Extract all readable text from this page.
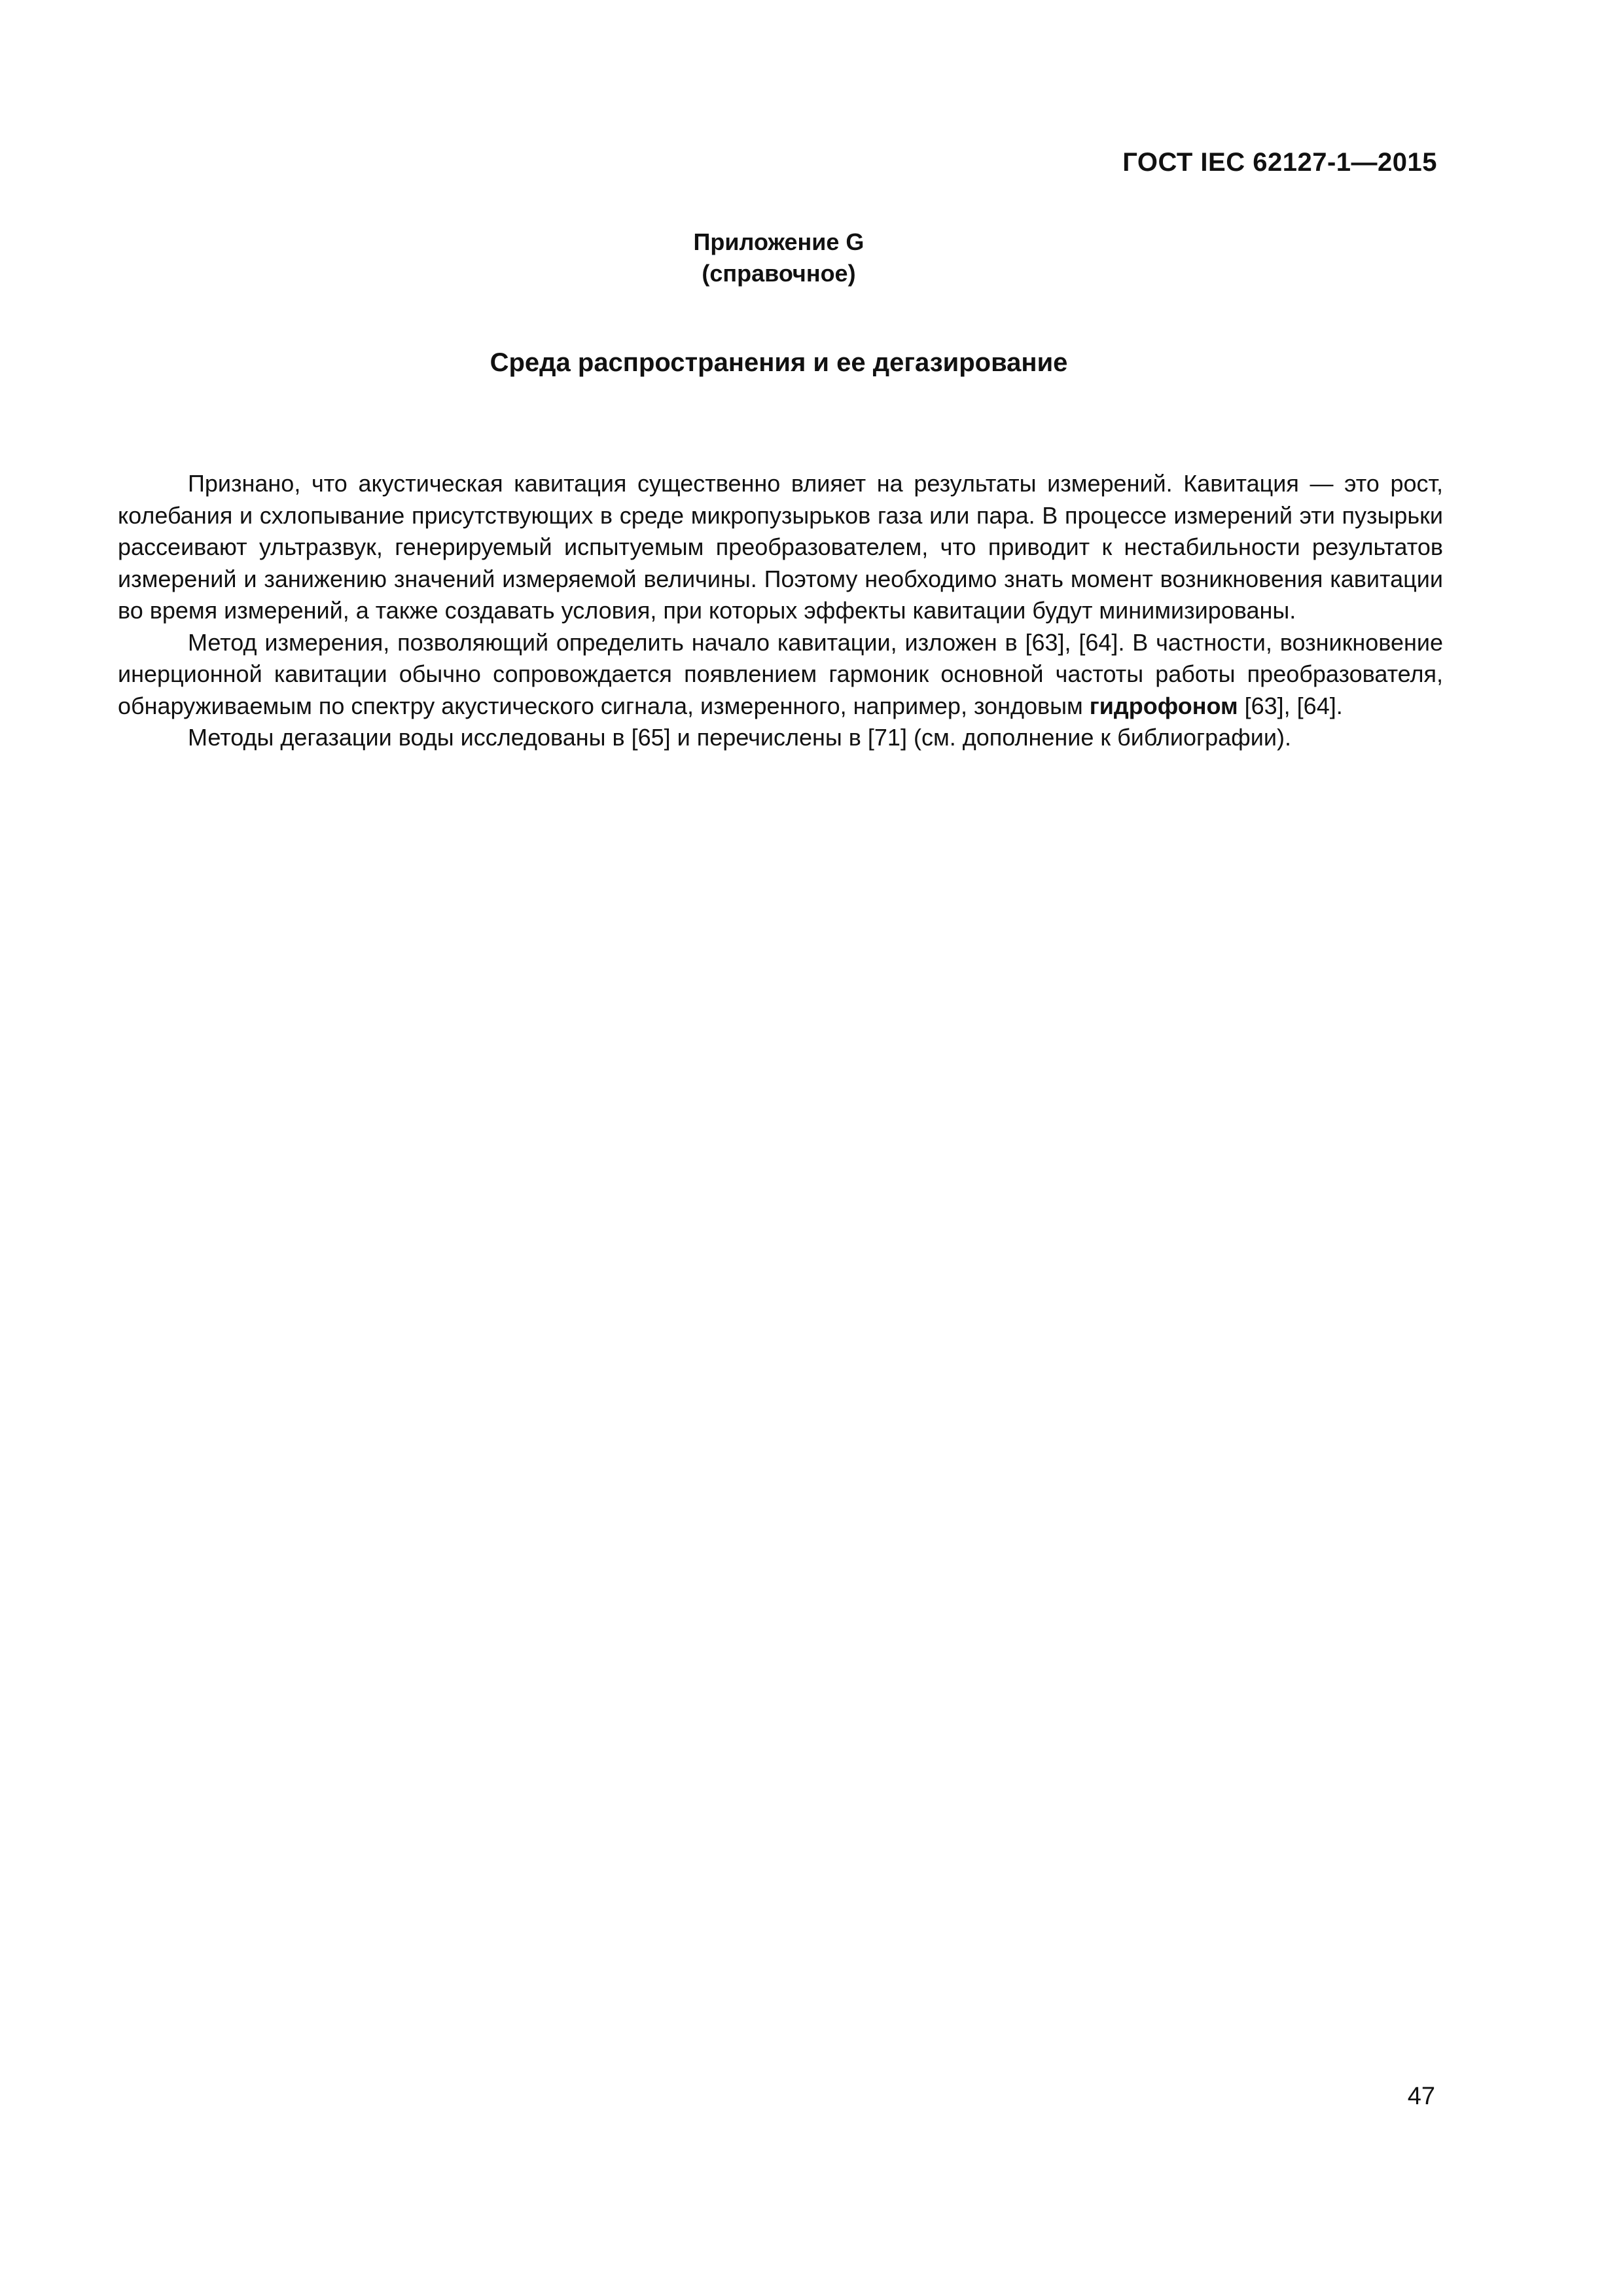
ГОСТ IEC 62127-1—2015
Приложение G
(справочное)
Среда распространения и ее дегазирование

Признано, что акустическая кавитация существенно влияет на результаты измерений. Кавитация — это рост, колебания и схлопывание присутствующих в среде микропузырьков газа или пара. В процессе измерений эти пузырьки рассеивают ультразвук, генерируемый испытуемым преобразователем, что приводит к нестабильности результатов измерений и занижению значений измеряемой величины. Поэтому необходимо знать момент возникновения кавитации во время измерений, а также создавать условия, при которых эффекты кавитации будут минимизированы.

Метод измерения, позволяющий определить начало кавитации, изложен в [63], [64]. В частности, возникновение инерционной кавитации обычно сопровождается появлением гармоник основной частоты работы преобразователя, обнаруживаемым по спектру акустического сигнала, измеренного, например, зондовым гидрофоном [63], [64].

Методы дегазации воды исследованы в [65] и перечислены в [71] (см. дополнение к библиографии).

47
